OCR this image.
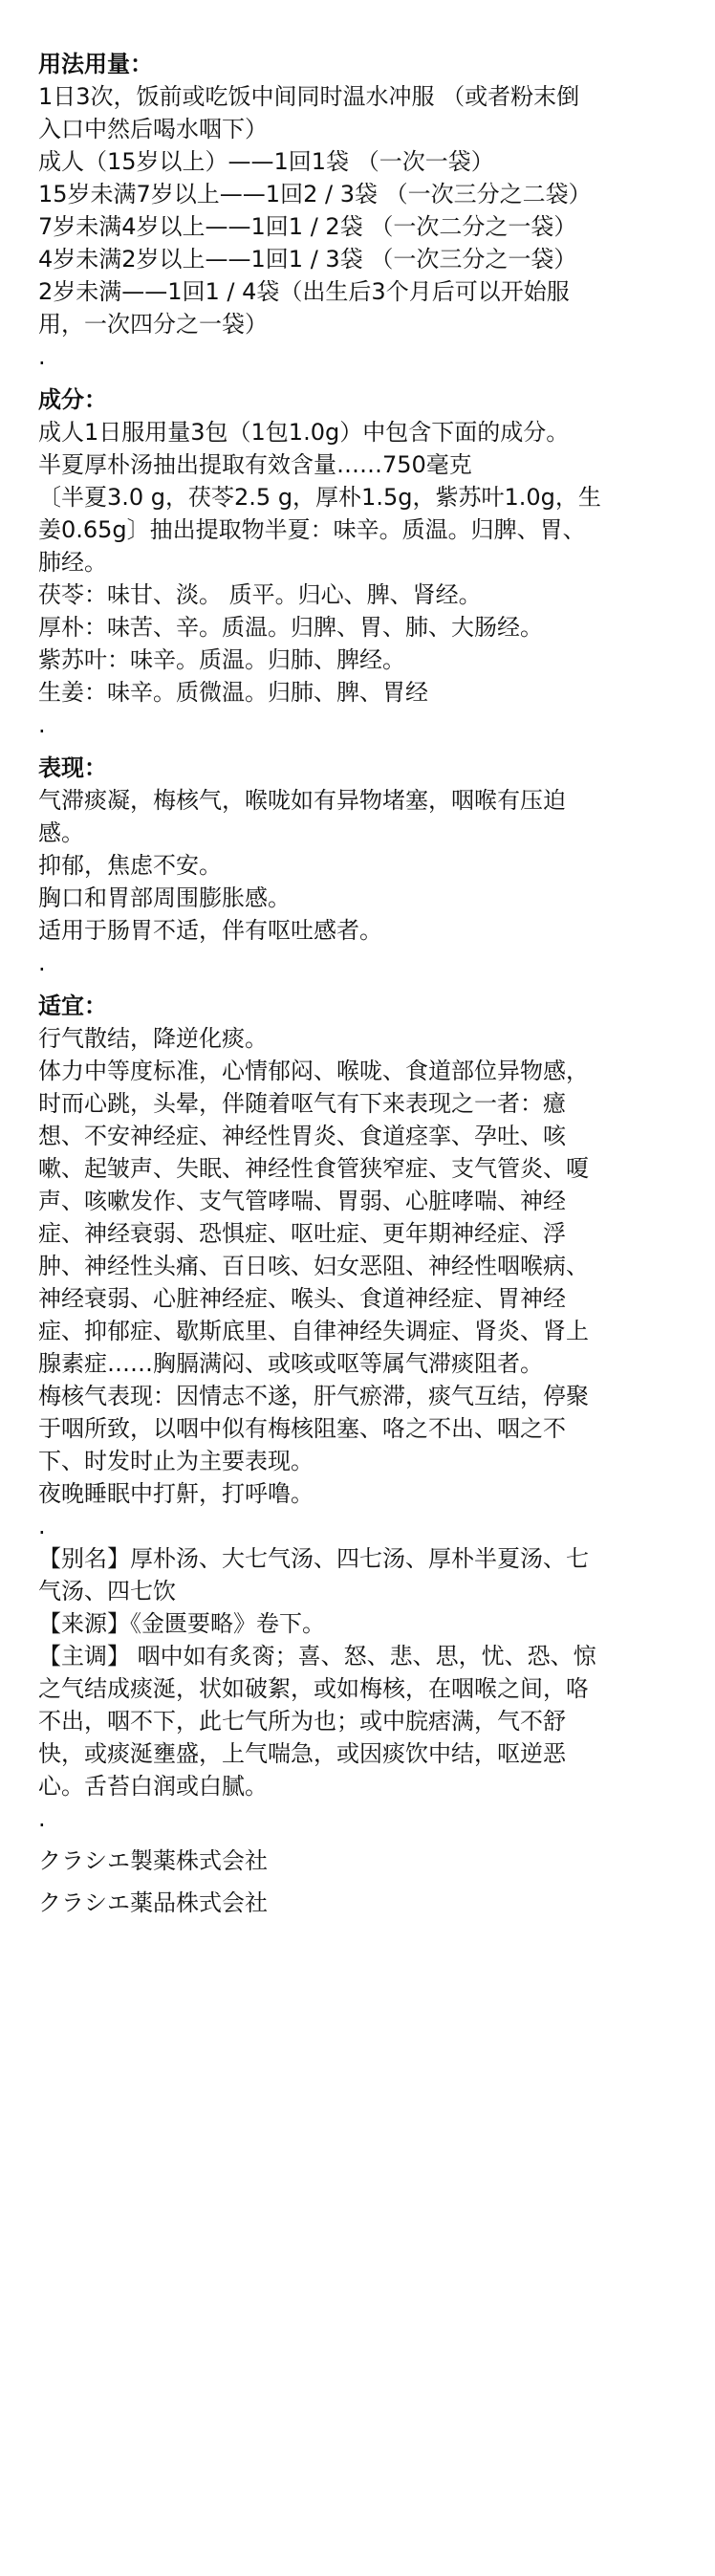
用法用量：
1日3次，饭前或吃饭中间同时温水冲服 （或者粉末倒
入口中然后喝水咽下）
成人（15岁以上）——1回1袋 （一次一袋）
15岁未满7岁以上——1回2 / 3袋 （一次三分之二袋）
7岁未满4岁以上——1回1 / 2袋 （一次二分之一袋）
4岁未满2岁以上——1回1 / 3袋 （一次三分之一袋）
2岁未满——1回1 / 4袋（出生后3个月后可以开始服
用，一次四分之一袋）
.
成分：
成人1日服用量3包（1包1.0g）中包含下面的成分。
半夏厚朴汤抽出提取有效含量……750毫克
〔半夏3.0 g，茯苓2.5 g，厚朴1.5g，紫苏叶1.0g，生
姜0.65g〕抽出提取物半夏：味辛。质温。归脾、胃、
肺经。
茯苓：味甘、淡。 质平。归心、脾、肾经。
厚朴：味苦、辛。质温。归脾、胃、肺、大肠经。
紫苏叶：味辛。质温。归肺、脾经。
生姜：味辛。质微温。归肺、脾、胃经
.
表现：
气滞痰凝，梅核气，喉咙如有异物堵塞，咽喉有压迫
感。
抑郁，焦虑不安。
胸口和胃部周围膨胀感。
适用于肠胃不适，伴有呕吐感者。
.
适宜：
行气散结，降逆化痰。
体力中等度标准，心情郁闷、喉咙、食道部位异物感，
时而心跳，头晕，伴随着呕气有下来表现之一者：癔
想、不安神经症、神经性胃炎、食道痉挛、孕吐、咳
嗽、起皱声、失眠、神经性食管狭窄症、支气管炎、嗄
声、咳嗽发作、支气管哮喘、胃弱、心脏哮喘、神经
症、神经衰弱、恐惧症、呕吐症、更年期神经症、浮
肿、神经性头痛、百日咳、妇女恶阻、神经性咽喉病、
神经衰弱、心脏神经症、喉头、食道神经症、胃神经
症、抑郁症、歇斯底里、自律神经失调症、肾炎、肾上
腺素症……胸膈满闷、或咳或呕等属气滞痰阻者。
梅核气表现：因情志不遂，肝气瘀滞，痰气互结，停聚
于咽所致，以咽中似有梅核阻塞、咯之不出、咽之不
下、时发时止为主要表现。
夜晚睡眠中打鼾，打呼噜。
.
【别名】厚朴汤、大七气汤、四七汤、厚朴半夏汤、七
气汤、四七饮
【来源】《金匮要略》卷下。
【主调】 咽中如有炙脔；喜、怒、悲、思，忧、恐、惊
之气结成痰涎，状如破絮，或如梅核，在咽喉之间，咯
不出，咽不下，此七气所为也；或中脘痞满，气不舒
快，或痰涎壅盛，上气喘急，或因痰饮中结，呕逆恶
心。舌苔白润或白腻。
.
クラシエ製薬株式会社
クラシエ薬品株式会社
